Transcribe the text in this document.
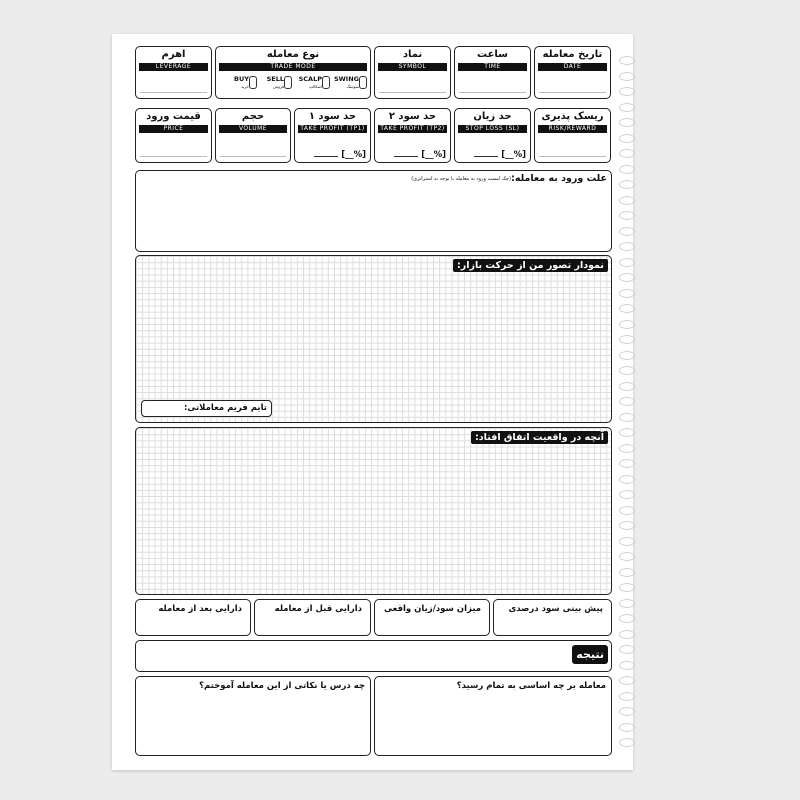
تاریخ معامله
DATE
ساعت
TIME
نماد
SYMBOL
نوع معامله
TRADE MODE
SWING
سوئینگ
SCALP
اسکالپ
SELL
فروش
BUY
خرید
اهرم
LEVERAGE
ریسک پذیری
RISK/REWARD
حد زیان
STOP LOSS (SL)
[__%]
حد سود ۲
TAKE PROFIT (TP2)
[__%]
حد سود ۱
TAKE PROFIT (TP1)
[__%]
حجم
VOLUME
قیمت ورود
PRICE
علت ورود به معامله:
(چک لیست ورود به معامله با توجه به استراتژی)
نمودار تصور من از حرکت بازار:
تایم فریم معاملاتی:
آنچه در واقعیت اتفاق افتاد:
پیش بینی سود درصدی
میزان سود/زیان واقعی
دارایی قبل از معامله
دارایی بعد از معامله
نتیجه
معامله بر چه اساسی به تمام رسید؟
چه درس یا نکاتی از این معامله آموختم؟
